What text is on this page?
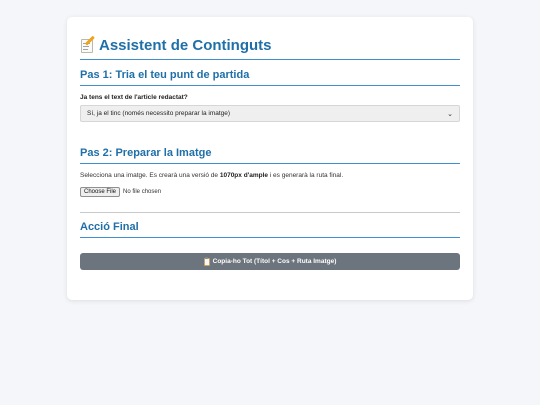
Assistent de Continguts
Pas 1: Tria el teu punt de partida
Ja tens el text de l'article redactat?
Sí, ja el tinc (només necessito preparar la imatge)	⌄
Pas 2: Preparar la Imatge
Selecciona una imatge. Es crearà una versió de 1070px d'ample i es generarà la ruta final.
Choose File	No file chosen
Acció Final
Copia-ho Tot (Títol + Cos + Ruta Imatge)
